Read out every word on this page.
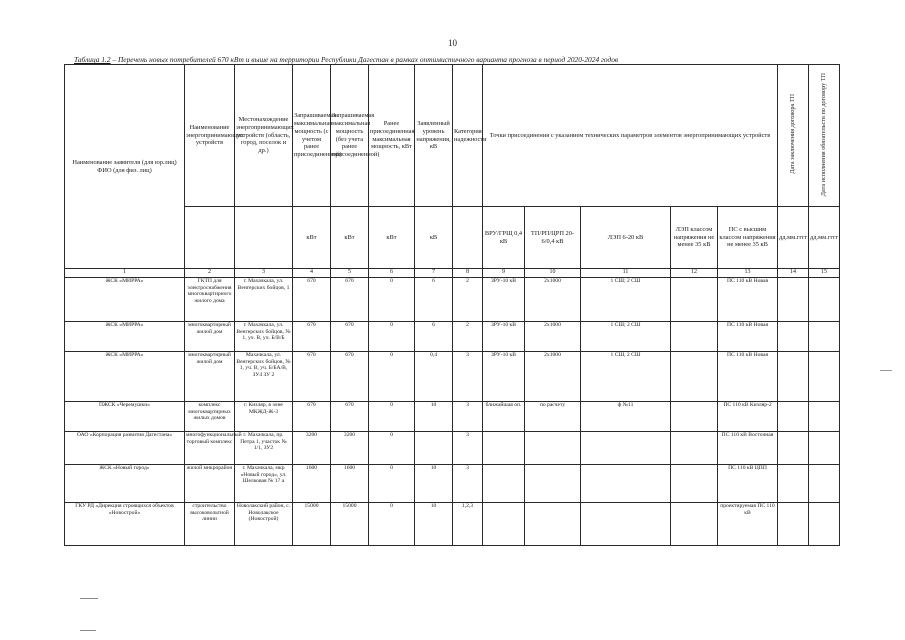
10
Таблица 1.2 – Перечень новых потребителей 670 кВт и выше на территории Республики Дагестан в рамках оптимистичного варианта прогноза в период 2020-2024 годов
Наименование заявителя (для юр.лиц) ФИО (для физ. лиц)	Наименование энергопринимающих устройств	Местонахождение энергопринимающих устройств (область, город, поселок и др.)	Запрашиваемая максимальная мощность (с учетом ранее присоединенной)	Запрашиваемая максимальная мощность (без учета ранее присоединенной)	Ранее присоединенная максимальная мощность, кВт	Заявленный уровень напряжения, кВ	Категория надежности	Точки присоединения с указанием технических параметров элементов энергопринимающих устройств					Дата заключения договора ТП	Дата исполнения обязательств по договору ТП
			кВт	кВт	кВт	кВ		ВРУ/ГРЩ 0,4 кВ	ТП/РП/ЦРП 20-6/0,4 кВ	ЛЭП 6-20 кВ	ЛЭП классом напряжения не менее 35 кВ	ПС с высшим классом напряжения не менее 35 кВ	дд.мм.гггг	дд.мм.гггг
1	2	3	4	5	6	7	8	9	10	11	12	13	14	15
ЖСК «МИРРА»	ГКТП для электроснабжения многоквартирного жилого дома	г. Махачкала, ул. Венгерских бойцов, 1	670	670	0	6	2	ЗРУ-10 кВ	2х1000	1 СШ; 2 СШ		ПС 110 кВ Новая		
ЖСК «МИРРА»	многоквартирный жилой дом	г. Махачкала, ул. Венгерских бойцов, № 1, уч. В, уч. Б/В/Б	670	670	0	6	2	ЗРУ-10 кВ	2х1000	1 СШ; 2 СШ		ПС 110 кВ Новая		
ЖСК «МИРРА»	многоквартирный жилой дом	Махачкала, ул. Венгерских бойцов, № 1, уч. В, уч. Б/БА/В, ЗУ4 ЗУ 2	670	670	0	0,4	3	ЗРУ-10 кВ	2х1000	1 СШ, 2 СШ		ПС 110 кВ Новая		
ПЖСК «Черемушки»	комплекс многоквартирных жилых домов	г. Кизляр, в зоне МКЖД-Ж-3	670	670	0	10	3	ближайшая оп.	по расчету	ф №11		ПС 110 кВ Кизляр-2		
ОАО «Корпорация развития Дагестана»	многофункциональный торговый комплекс	г. Махачкала, пр. Петра 1, участок № 1/1, ЗУ2	3200	3200	0		3					ПС 110 кВ Восточная		
ЖСК «Новый город»	жилой микрорайон	г. Махачкала, мкр «Новый город», ул. Шелковая № 17 а	1600	1600	0	10	3					ПС 110 кВ ЦПП		
ГКУ РД «Дирекция строящихся объектов «Новострой»	строительство высоковольтной линии	Новолакский район, с. Новолакское (Новострой)	15000	15000	0	10	1,2,3					проектируемая ПС 110 кВ		
